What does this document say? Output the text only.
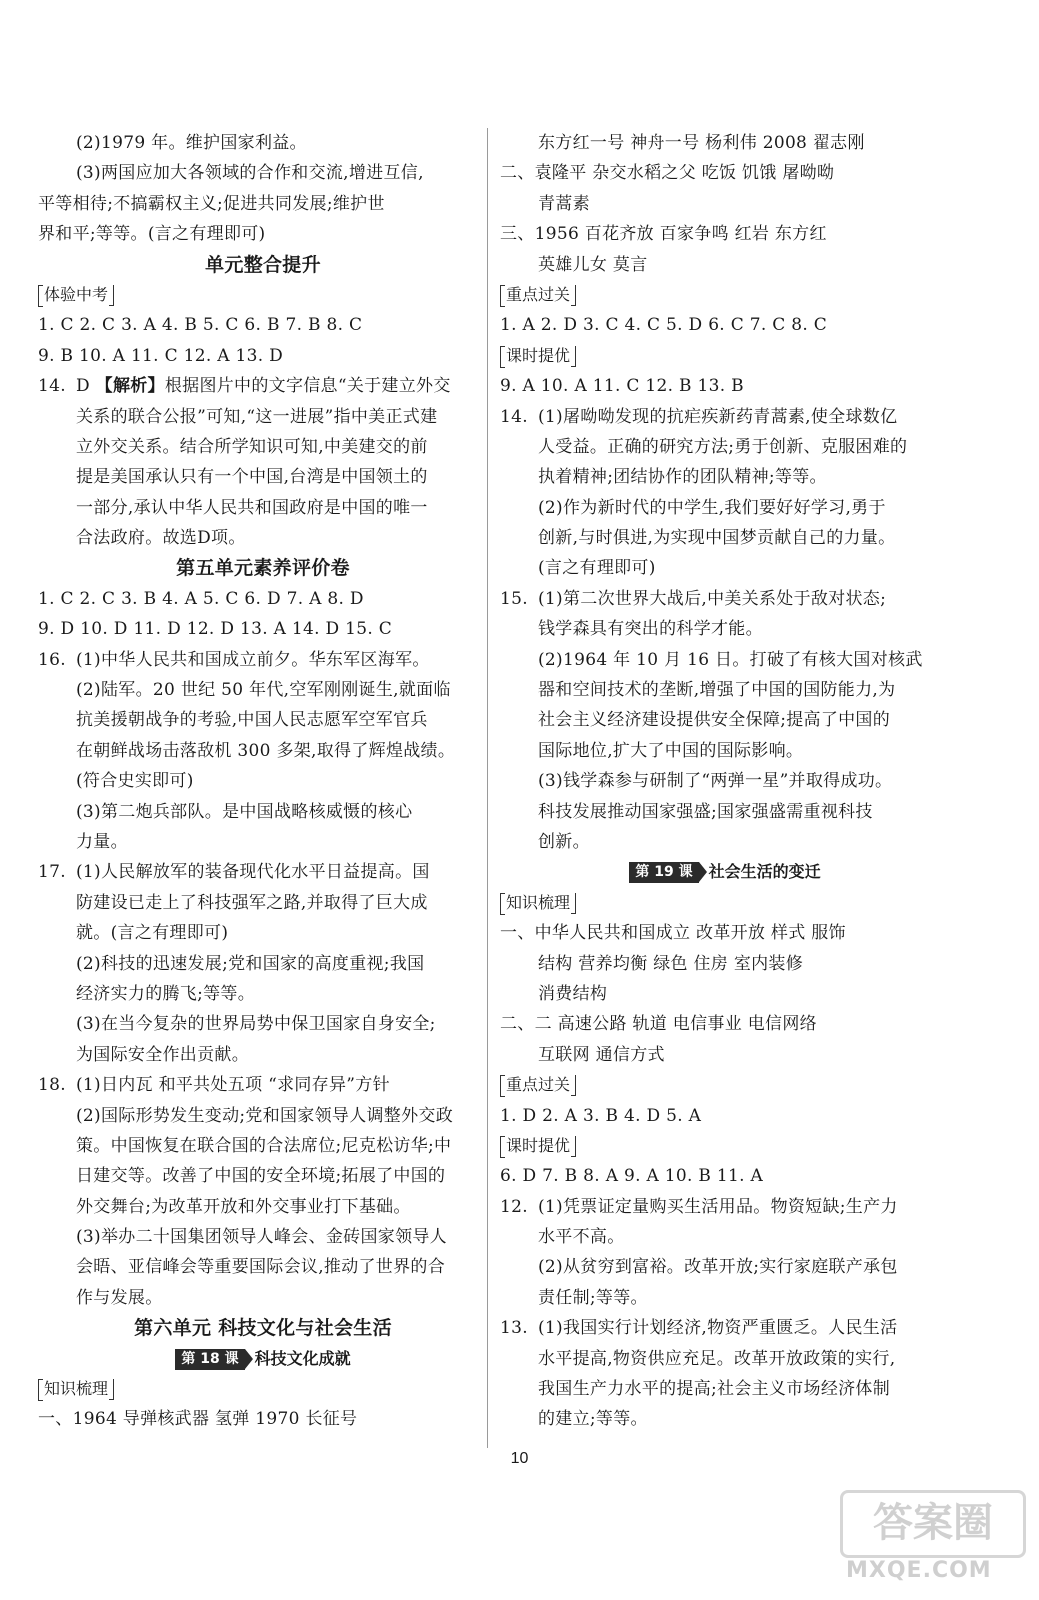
(2)1979 年。维护国家利益。
(3)两国应加大各领域的合作和交流,增进互信,
平等相待;不搞霸权主义;促进共同发展;维护世
界和平;等等。(言之有理即可)
单元整合提升
体验中考
1. C 2. C 3. A 4. B 5. C 6. B 7. B 8. C
9. B 10. A 11. C 12. A 13. D
14. D 【解析】根据图片中的文字信息“关于建立外交
关系的联合公报”可知,“这一进展”指中美正式建
立外交关系。结合所学知识可知,中美建交的前
提是美国承认只有一个中国,台湾是中国领土的
一部分,承认中华人民共和国政府是中国的唯一
合法政府。故选D项。
第五单元素养评价卷
1. C 2. C 3. B 4. A 5. C 6. D 7. A 8. D
9. D 10. D 11. D 12. D 13. A 14. D 15. C
16. (1)中华人民共和国成立前夕。华东军区海军。
(2)陆军。20 世纪 50 年代,空军刚刚诞生,就面临
抗美援朝战争的考验,中国人民志愿军空军官兵
在朝鲜战场击落敌机 300 多架,取得了辉煌战绩。
(符合史实即可)
(3)第二炮兵部队。是中国战略核威慑的核心
力量。
17. (1)人民解放军的装备现代化水平日益提高。国
防建设已走上了科技强军之路,并取得了巨大成
就。(言之有理即可)
(2)科技的迅速发展;党和国家的高度重视;我国
经济实力的腾飞;等等。
(3)在当今复杂的世界局势中保卫国家自身安全;
为国际安全作出贡献。
18. (1)日内瓦 和平共处五项 “求同存异”方针
(2)国际形势发生变动;党和国家领导人调整外交政
策。中国恢复在联合国的合法席位;尼克松访华;中
日建交等。改善了中国的安全环境;拓展了中国的
外交舞台;为改革开放和外交事业打下基础。
(3)举办二十国集团领导人峰会、金砖国家领导人
会晤、亚信峰会等重要国际会议,推动了世界的合
作与发展。
第六单元 科技文化与社会生活
第 18 课 科技文化成就
知识梳理
一、1964 导弹核武器 氢弹 1970 长征号
东方红一号 神舟一号 杨利伟 2008 翟志刚
二、袁隆平 杂交水稻之父 吃饭 饥饿 屠呦呦
青蒿素
三、1956 百花齐放 百家争鸣 红岩 东方红
英雄儿女 莫言
重点过关
1. A 2. D 3. C 4. C 5. D 6. C 7. C 8. C
课时提优
9. A 10. A 11. C 12. B 13. B
14. (1)屠呦呦发现的抗疟疾新药青蒿素,使全球数亿
人受益。正确的研究方法;勇于创新、克服困难的
执着精神;团结协作的团队精神;等等。
(2)作为新时代的中学生,我们要好好学习,勇于
创新,与时俱进,为实现中国梦贡献自己的力量。
(言之有理即可)
15. (1)第二次世界大战后,中美关系处于敌对状态;
钱学森具有突出的科学才能。
(2)1964 年 10 月 16 日。打破了有核大国对核武
器和空间技术的垄断,增强了中国的国防能力,为
社会主义经济建设提供安全保障;提高了中国的
国际地位,扩大了中国的国际影响。
(3)钱学森参与研制了“两弹一星”并取得成功。
科技发展推动国家强盛;国家强盛需重视科技
创新。
第 19 课 社会生活的变迁
知识梳理
一、中华人民共和国成立 改革开放 样式 服饰
结构 营养均衡 绿色 住房 室内装修
消费结构
二、二 高速公路 轨道 电信事业 电信网络
互联网 通信方式
重点过关
1. D 2. A 3. B 4. D 5. A
课时提优
6. D 7. B 8. A 9. A 10. B 11. A
12. (1)凭票证定量购买生活用品。物资短缺;生产力
水平不高。
(2)从贫穷到富裕。改革开放;实行家庭联产承包
责任制;等等。
13. (1)我国实行计划经济,物资严重匮乏。人民生活
水平提高,物资供应充足。改革开放政策的实行,
我国生产力水平的提高;社会主义市场经济体制
的建立;等等。
10
答案圈
MXQE.COM
